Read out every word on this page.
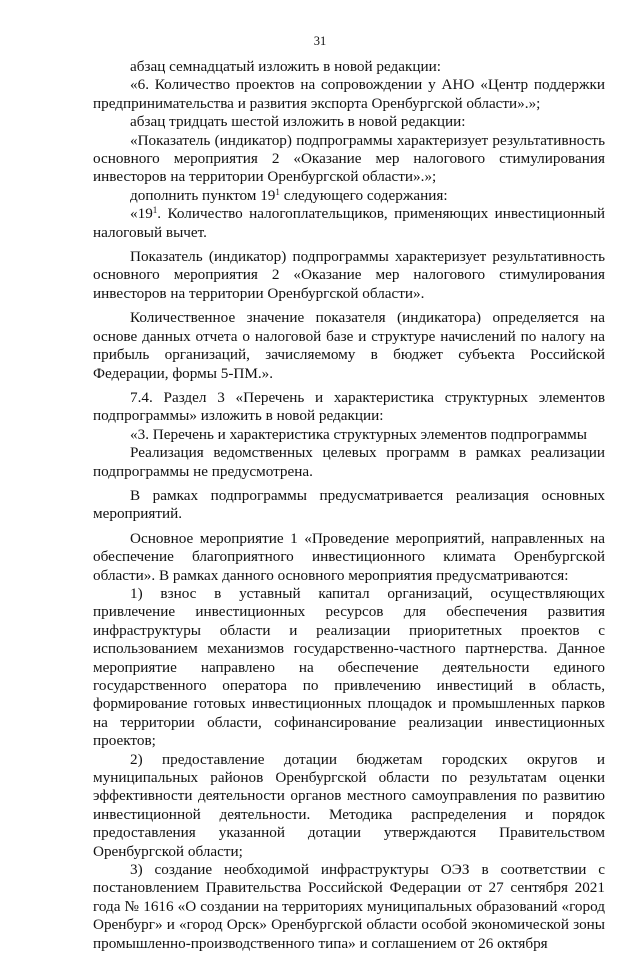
31

абзац семнадцатый изложить в новой редакции:

«6. Количество проектов на сопровождении у АНО «Центр поддержки предпринимательства и развития экспорта Оренбургской области».»;

абзац тридцать шестой изложить в новой редакции:

«Показатель (индикатор) подпрограммы характеризует результативность основного мероприятия 2 «Оказание мер налогового стимулирования инвесторов на территории Оренбургской области».»;

дополнить пунктом $19^1$ следующего содержания:

«$19^1$. Количество налогоплательщиков, применяющих инвестиционный налоговый вычет.

Показатель (индикатор) подпрограммы характеризует результативность основного мероприятия 2 «Оказание мер налогового стимулирования инвесторов на территории Оренбургской области».

Количественное значение показателя (индикатора) определяется на основе данных отчета о налоговой базе и структуре начислений по налогу на прибыль организаций, зачисляемому в бюджет субъекта Российской Федерации, формы 5-ПМ.».

7.4. Раздел 3 «Перечень и характеристика структурных элементов подпрограммы» изложить в новой редакции:

«3. Перечень и характеристика структурных элементов подпрограммы

Реализация ведомственных целевых программ в рамках реализации подпрограммы не предусмотрена.

В рамках подпрограммы предусматривается реализация основных мероприятий.

Основное мероприятие 1 «Проведение мероприятий, направленных на обеспечение благоприятного инвестиционного климата Оренбургской области». В рамках данного основного мероприятия предусматриваются:

1) взнос в уставный капитал организаций, осуществляющих привлечение инвестиционных ресурсов для обеспечения развития инфраструктуры области и реализации приоритетных проектов с использованием механизмов государственно-частного партнерства. Данное мероприятие направлено на обеспечение деятельности единого государственного оператора по привлечению инвестиций в область, формирование готовых инвестиционных площадок и промышленных парков на территории области, софинансирование реализации инвестиционных проектов;

2) предоставление дотации бюджетам городских округов и муниципальных районов Оренбургской области по результатам оценки эффективности деятельности органов местного самоуправления по развитию инвестиционной деятельности. Методика распределения и порядок предоставления указанной дотации утверждаются Правительством Оренбургской области;

3) создание необходимой инфраструктуры ОЭЗ в соответствии с постановлением Правительства Российской Федерации от 27 сентября 2021 года № 1616 «О создании на территориях муниципальных образований «город Оренбург» и «город Орск» Оренбургской области особой экономической зоны промышленно-производственного типа» и соглашением от 26 октября
